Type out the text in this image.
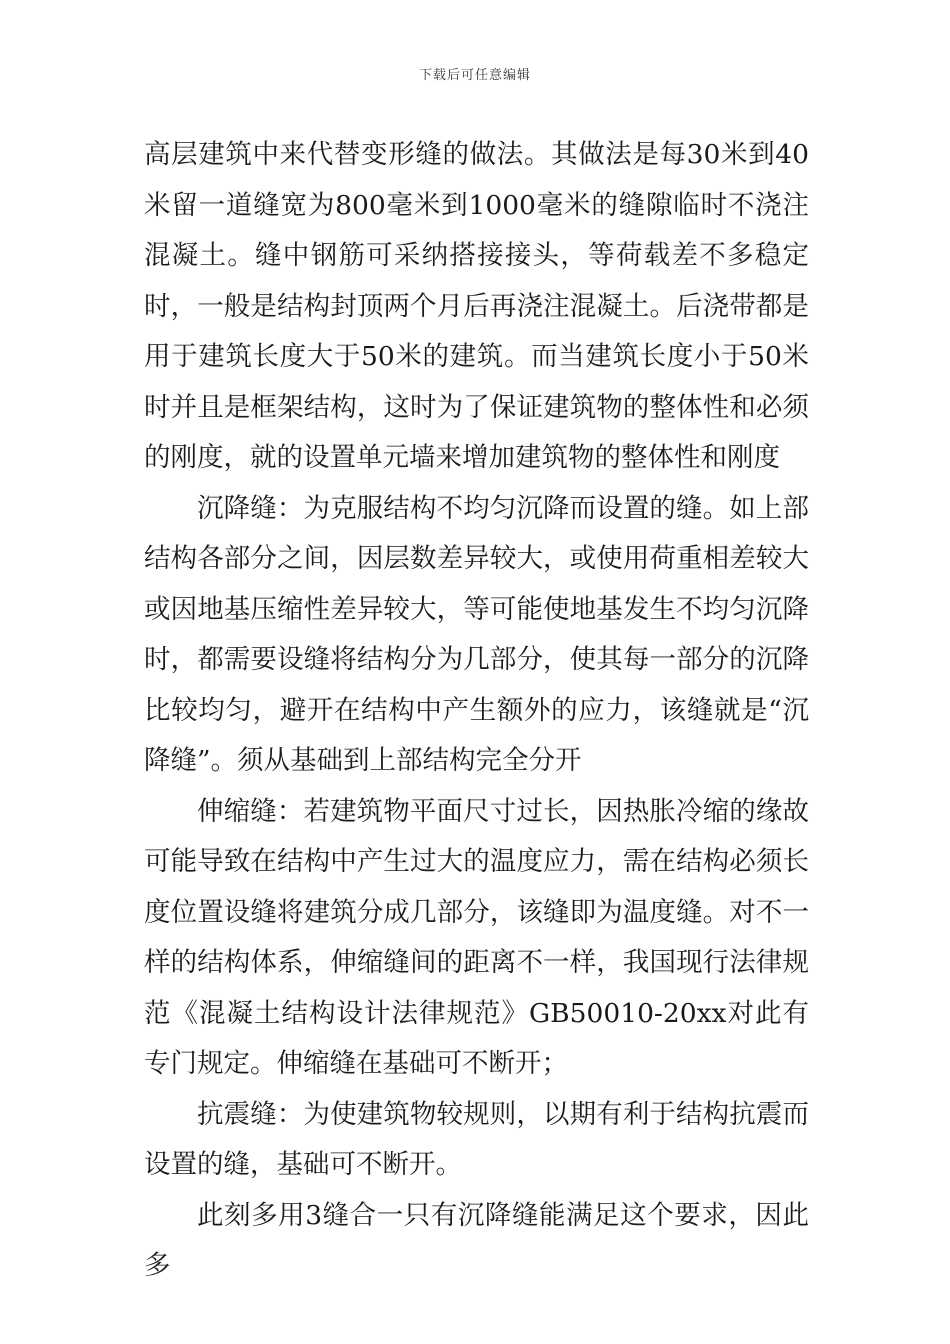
下载后可任意编辑

高层建筑中来代替变形缝的做法。其做法是每30米到40米留一道缝宽为800毫米到1000毫米的缝隙临时不浇注混凝土。缝中钢筋可采纳搭接接头，等荷载差不多稳定时，一般是结构封顶两个月后再浇注混凝土。后浇带都是用于建筑长度大于50米的建筑。而当建筑长度小于50米时并且是框架结构，这时为了保证建筑物的整体性和必须的刚度，就的设置单元墙来增加建筑物的整体性和刚度

沉降缝：为克服结构不均匀沉降而设置的缝。如上部结构各部分之间，因层数差异较大，或使用荷重相差较大或因地基压缩性差异较大，等可能使地基发生不均匀沉降时，都需要设缝将结构分为几部分，使其每一部分的沉降比较均匀，避开在结构中产生额外的应力，该缝就是“沉降缝”。须从基础到上部结构完全分开

伸缩缝：若建筑物平面尺寸过长，因热胀冷缩的缘故可能导致在结构中产生过大的温度应力，需在结构必须长度位置设缝将建筑分成几部分，该缝即为温度缝。对不一样的结构体系，伸缩缝间的距离不一样，我国现行法律规范《混凝土结构设计法律规范》GB50010-20xx对此有专门规定。伸缩缝在基础可不断开；

抗震缝：为使建筑物较规则，以期有利于结构抗震而设置的缝，基础可不断开。

此刻多用3缝合一只有沉降缝能满足这个要求，因此多
